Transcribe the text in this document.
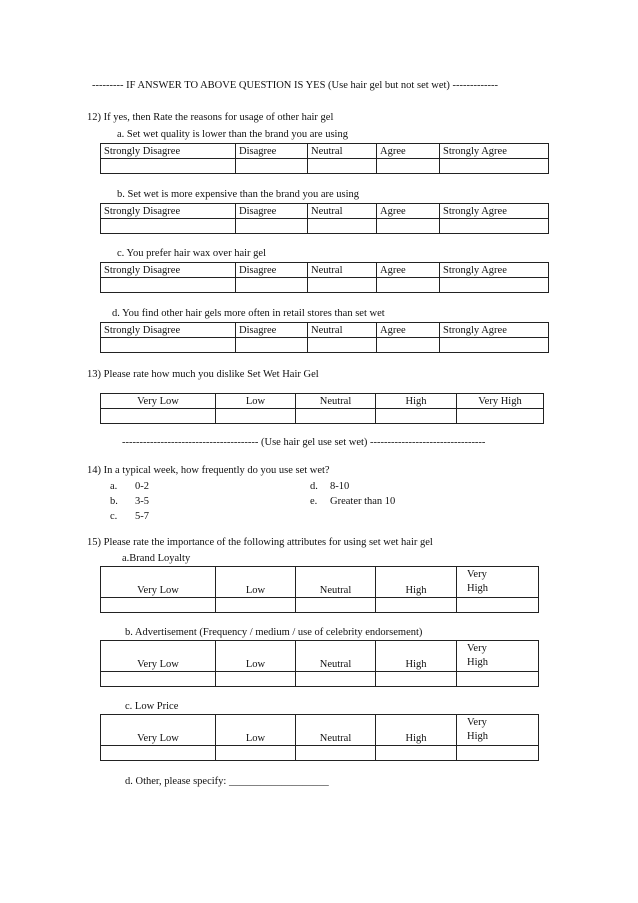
--------- IF ANSWER TO ABOVE QUESTION IS YES (Use hair gel but not set wet) -------------
12) If yes, then Rate the reasons for usage of other hair gel
a. Set wet quality is lower than the brand you are using
Strongly Disagree	Disagree	Neutral	Agree	Strongly Agree

b. Set wet is more expensive than the brand you are using
Strongly Disagree	Disagree	Neutral	Agree	Strongly Agree

c. You prefer hair wax over hair gel
Strongly Disagree	Disagree	Neutral	Agree	Strongly Agree

d. You find other hair gels more often in retail stores than set wet
Strongly Disagree	Disagree	Neutral	Agree	Strongly Agree

13) Please rate how much you dislike Set Wet Hair Gel
Very Low	Low	Neutral	High	Very High

--------------------------------------- (Use hair gel use set wet) ---------------------------------
14) In a typical week, how frequently do you use set wet?
a. 0-2
b. 3-5
c. 5-7
d. 8-10
e. Greater than 10
15) Please rate the importance of the following attributes for using set wet hair gel
a.Brand Loyalty
Very Low	Low	Neutral	High	Very
High

b. Advertisement (Frequency / medium / use of celebrity endorsement)
Very Low	Low	Neutral	High	Very
High

c. Low Price
Very Low	Low	Neutral	High	Very
High

d. Other, please specify: ___________________
